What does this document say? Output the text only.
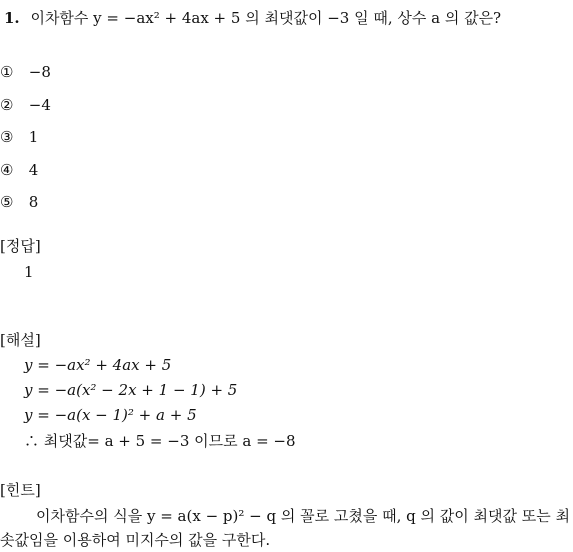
1. 이차함수 y = −ax² + 4ax + 5 의 최댓값이 −3 일 때, 상수 a 의 값은?
① −8
② −4
③ 1
④ 4
⑤ 8
[정답]
1
[해설]
y = −ax² + 4ax + 5
y = −a(x² − 2x + 1 − 1) + 5
y = −a(x − 1)² + a + 5
∴ 최댓값= a + 5 = −3 이므로 a = −8
[힌트]
이차함수의 식을 y = a(x − p)² − q 의 꼴로 고쳤을 때, q 의 값이 최댓값 또는 최솟값임을 이용하여 미지수의 값을 구한다.
